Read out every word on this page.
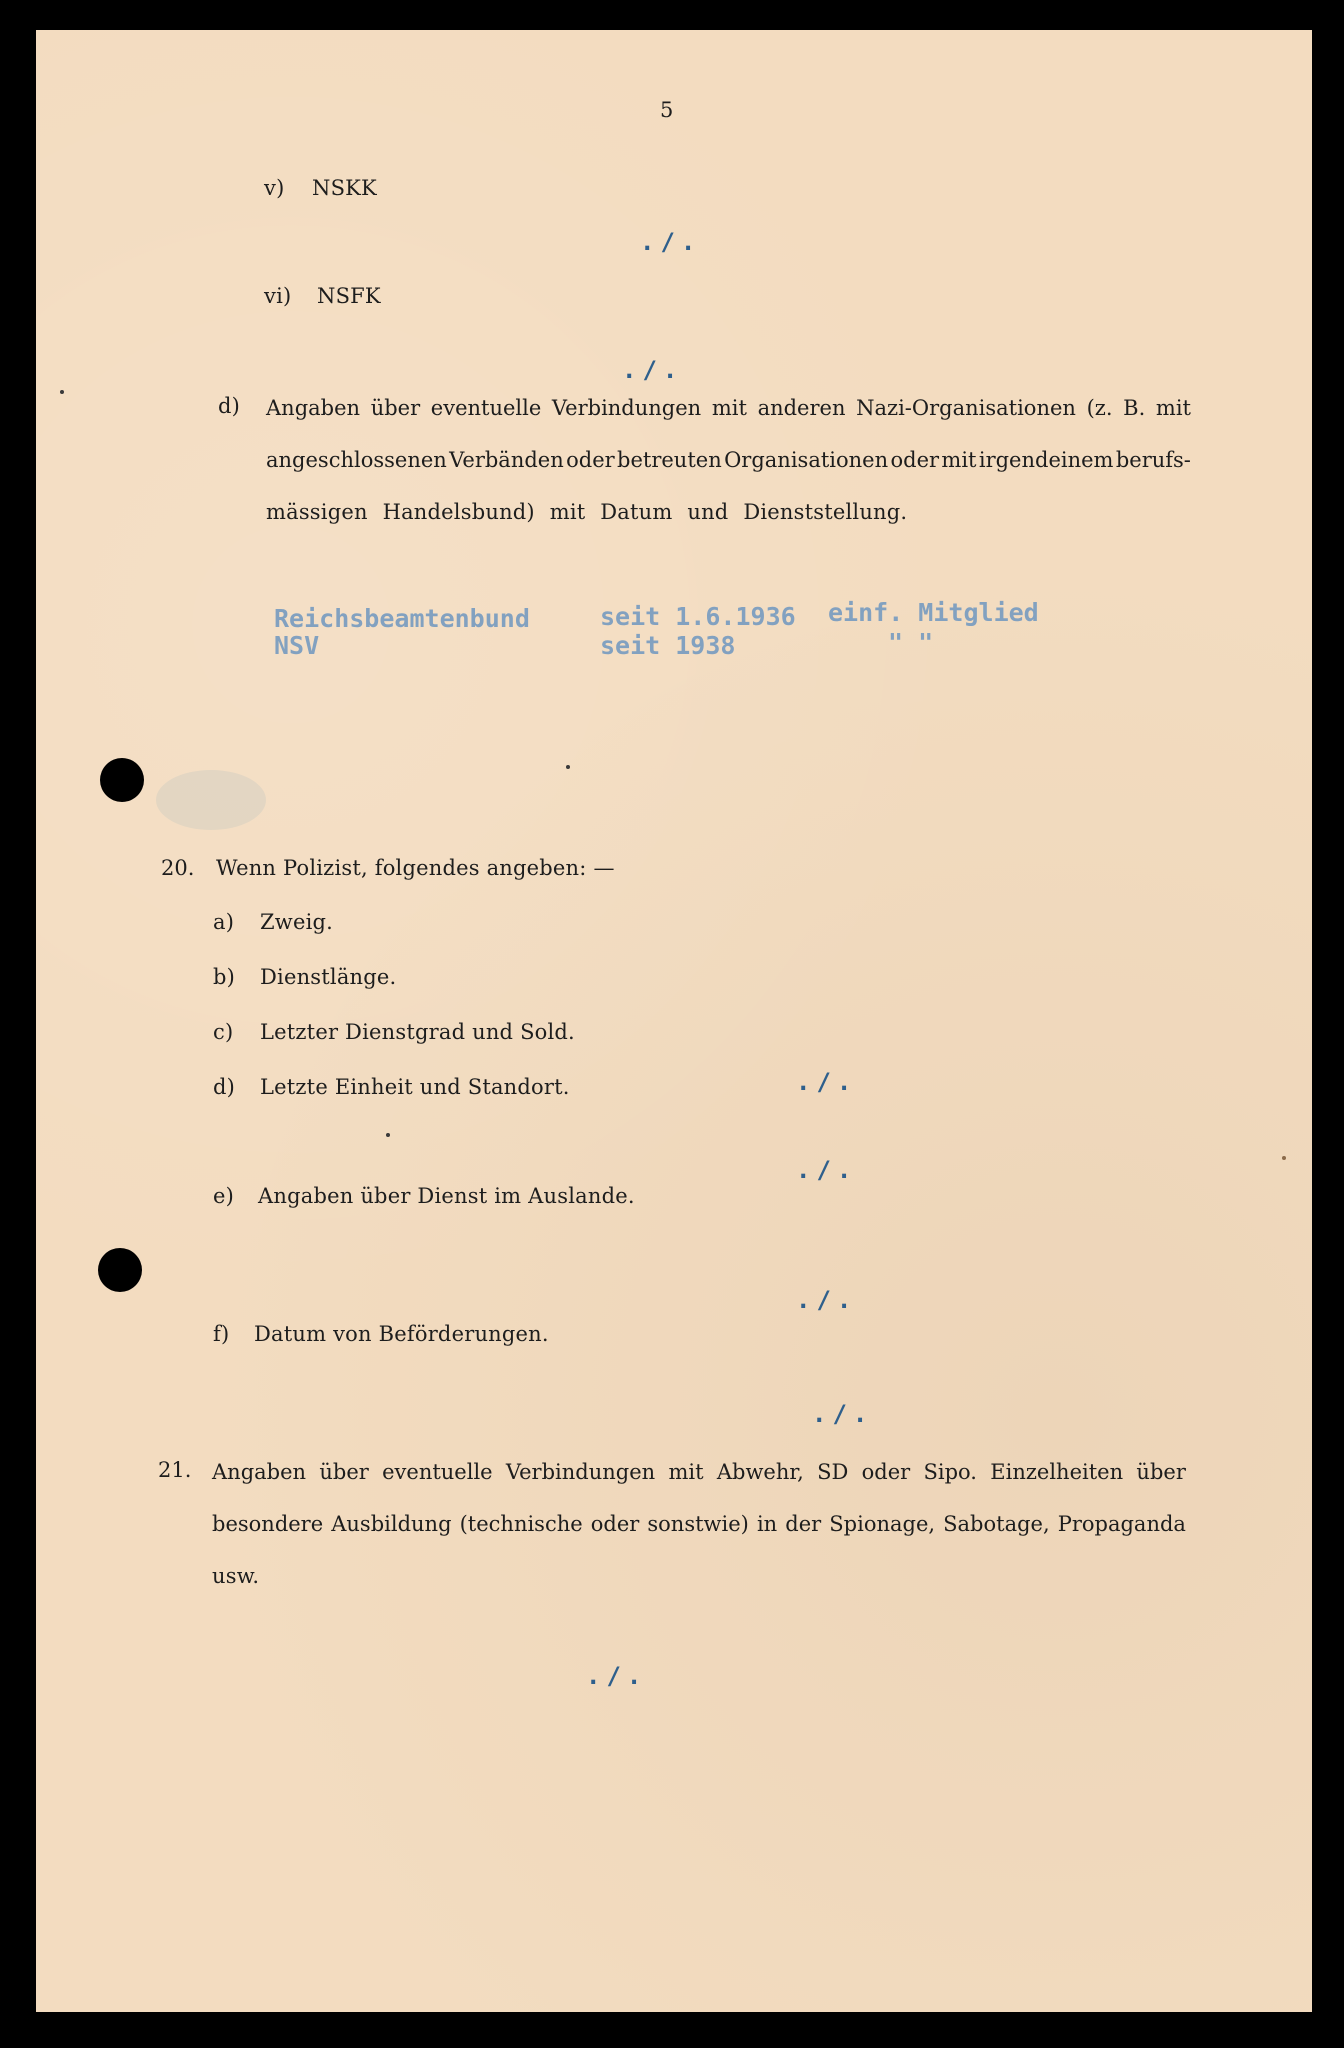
5
v) NSKK
./.
vi) NSFK
./.
d) Angaben über eventuelle Verbindungen mit anderen Nazi-Organisationen (z. B. mit
angeschlossenen Verbänden oder betreuten Organisationen oder mit irgendeinem berufs-
mässigen Handelsbund) mit Datum und Dienststellung.
Reichsbeamtenbund	seit 1.6.1936 einf. Mitglied
NSV	seit 1938	" "
20. Wenn Polizist, folgendes angeben: —
a) Zweig.
b) Dienstlänge.
c) Letzter Dienstgrad und Sold.
d) Letzte Einheit und Standort.	./.
./.
e) Angaben über Dienst im Auslande.
./.
f) Datum von Beförderungen.
./.
21. Angaben über eventuelle Verbindungen mit Abwehr, SD oder Sipo. Einzelheiten über
besondere Ausbildung (technische oder sonstwie) in der Spionage, Sabotage, Propaganda
usw.
./.
